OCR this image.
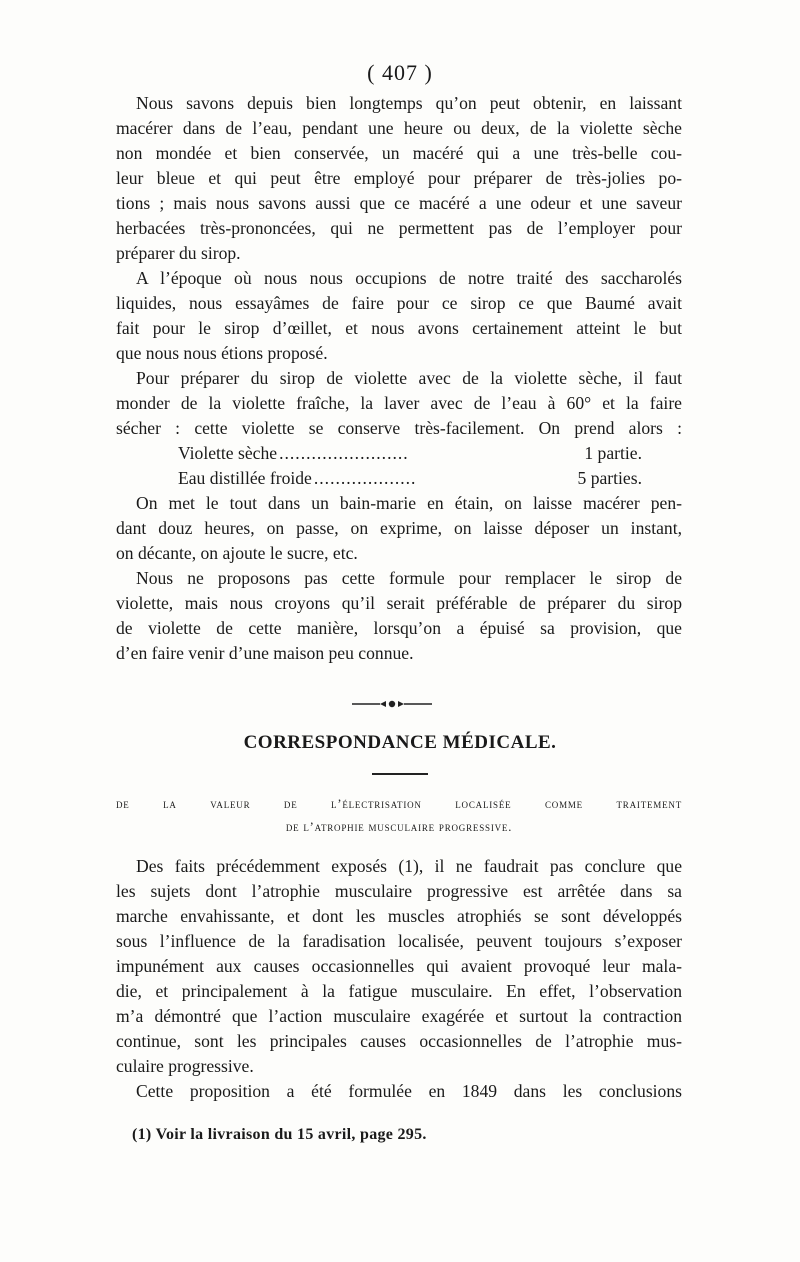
( 407 )
Nous savons depuis bien longtemps qu’on peut obtenir, en laissant
macérer dans de l’eau, pendant une heure ou deux, de la violette sèche
non mondée et bien conservée, un macéré qui a une très-belle cou-
leur bleue et qui peut être employé pour préparer de très-jolies po-
tions ; mais nous savons aussi que ce macéré a une odeur et une saveur
herbacées très-prononcées, qui ne permettent pas de l’employer pour
préparer du sirop.
A l’époque où nous nous occupions de notre traité des saccharolés
liquides, nous essayâmes de faire pour ce sirop ce que Baumé avait
fait pour le sirop d’œillet, et nous avons certainement atteint le but
que nous nous étions proposé.
Pour préparer du sirop de violette avec de la violette sèche, il faut
monder de la violette fraîche, la laver avec de l’eau à 60° et la faire
sécher : cette violette se conserve très-facilement. On prend alors :
Violette sèche ........................	1 partie.
Eau distillée froide ...................	5 parties.
On met le tout dans un bain-marie en étain, on laisse macérer pen-
dant douz heures, on passe, on exprime, on laisse déposer un instant,
on décante, on ajoute le sucre, etc.
Nous ne proposons pas cette formule pour remplacer le sirop de
violette, mais nous croyons qu’il serait préférable de préparer du sirop
de violette de cette manière, lorsqu’on a épuisé sa provision, que
d’en faire venir d’une maison peu connue.
CORRESPONDANCE MÉDICALE.
de la valeur de l’électrisation localisée comme traitement
de l’atrophie musculaire progressive.
Des faits précédemment exposés (1), il ne faudrait pas conclure que
les sujets dont l’atrophie musculaire progressive est arrêtée dans sa
marche envahissante, et dont les muscles atrophiés se sont développés
sous l’influence de la faradisation localisée, peuvent toujours s’exposer
impunément aux causes occasionnelles qui avaient provoqué leur mala-
die, et principalement à la fatigue musculaire. En effet, l’observation
m’a démontré que l’action musculaire exagérée et surtout la contraction
continue, sont les principales causes occasionnelles de l’atrophie mus-
culaire progressive.
Cette proposition a été formulée en 1849 dans les conclusions
(1) Voir la livraison du 15 avril, page 295.
